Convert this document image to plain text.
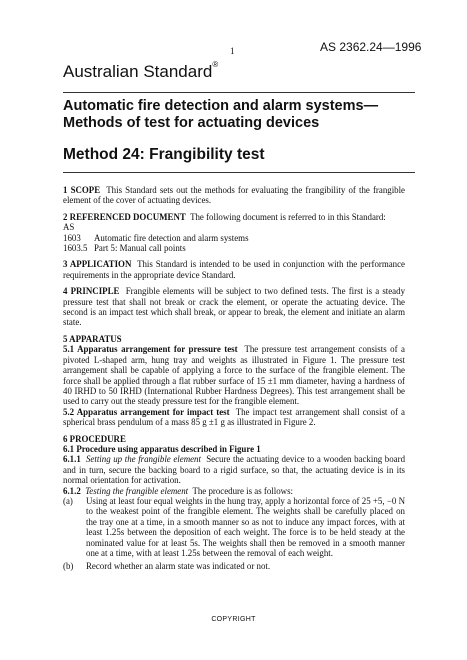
1	AS 2362.24—1996
Australian Standard®
Automatic fire detection and alarm systems—
Methods of test for actuating devices
Method 24: Frangibility test

1 SCOPE This Standard sets out the methods for evaluating the frangibility of the frangible element of the cover of actuating devices.

2 REFERENCED DOCUMENT The following document is referred to in this Standard:

AS
1603 Automatic fire detection and alarm systems
1603.5 Part 5: Manual call points

3 APPLICATION This Standard is intended to be used in conjunction with the performance requirements in the appropriate device Standard.

4 PRINCIPLE Frangible elements will be subject to two defined tests. The first is a steady pressure test that shall not break or crack the element, or operate the actuating device. The second is an impact test which shall break, or appear to break, the element and initiate an alarm state.

5 APPARATUS

5.1 Apparatus arrangement for pressure test The pressure test arrangement consists of a pivoted L-shaped arm, hung tray and weights as illustrated in Figure 1. The pressure test arrangement shall be capable of applying a force to the surface of the frangible element. The force shall be applied through a flat rubber surface of 15 ±1 mm diameter, having a hardness of 40 IRHD to 50 IRHD (International Rubber Hardness Degrees). This test arrangement shall be used to carry out the steady pressure test for the frangible element.

5.2 Apparatus arrangement for impact test The impact test arrangement shall consist of a spherical brass pendulum of a mass 85 g ±1 g as illustrated in Figure 2.

6 PROCEDURE

6.1 Procedure using apparatus described in Figure 1

6.1.1 Setting up the frangible element Secure the actuating device to a wooden backing board and in turn, secure the backing board to a rigid surface, so that, the actuating device is in its normal orientation for activation.

6.1.2 Testing the frangible element The procedure is as follows:

(a)	Using at least four equal weights in the hung tray, apply a horizontal force of 25 +5, −0 N to the weakest point of the frangible element. The weights shall be carefully placed on the tray one at a time, in a smooth manner so as not to induce any impact forces, with at least 1.25s between the deposition of each weight. The force is to be held steady at the nominated value for at least 5s. The weights shall then be removed in a smooth manner one at a time, with at least 1.25s between the removal of each weight.
(b)	Record whether an alarm state was indicated or not.
COPYRIGHT
